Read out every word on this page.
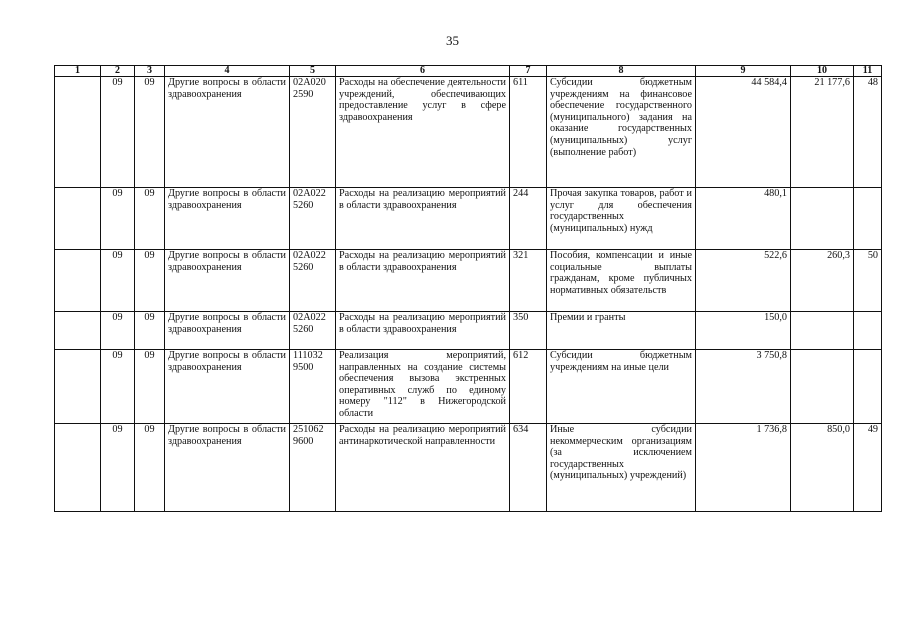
35
1	2	3	4	5	6	7	8	9	10	11
	09	09	Другие вопросы в области здравоохранения	02А020 2590	Расходы на обеспечение деятельности учреждений, обеспечивающих предоставление услуг в сфере здравоохранения	611	Субсидии бюджетным учреждениям на финансовое обеспечение государственного (муниципального) задания на оказание государственных (муниципальных) услуг (выполнение работ)	44 584,4	21 177,6	48
	09	09	Другие вопросы в области здравоохранения	02А022 5260	Расходы на реализацию мероприятий в области здравоохранения	244	Прочая закупка товаров, работ и услуг для обеспечения государственных (муниципальных) нужд	480,1		
	09	09	Другие вопросы в области здравоохранения	02А022 5260	Расходы на реализацию мероприятий в области здравоохранения	321	Пособия, компенсации и иные социальные выплаты гражданам, кроме публичных нормативных обязательств	522,6	260,3	50
	09	09	Другие вопросы в области здравоохранения	02А022 5260	Расходы на реализацию мероприятий в области здравоохранения	350	Премии и гранты	150,0		
	09	09	Другие вопросы в области здравоохранения	111032 9500	Реализация мероприятий, направленных на создание системы обеспечения вызова экстренных оперативных служб по единому номеру "112" в Нижегородской области	612	Субсидии бюджетным учреждениям на иные цели	3 750,8		
	09	09	Другие вопросы в области здравоохранения	251062 9600	Расходы на реализацию мероприятий антинаркотической направленности	634	Иные субсидии некоммерческим организациям (за исключением государственных (муниципальных) учреждений)	1 736,8	850,0	49
